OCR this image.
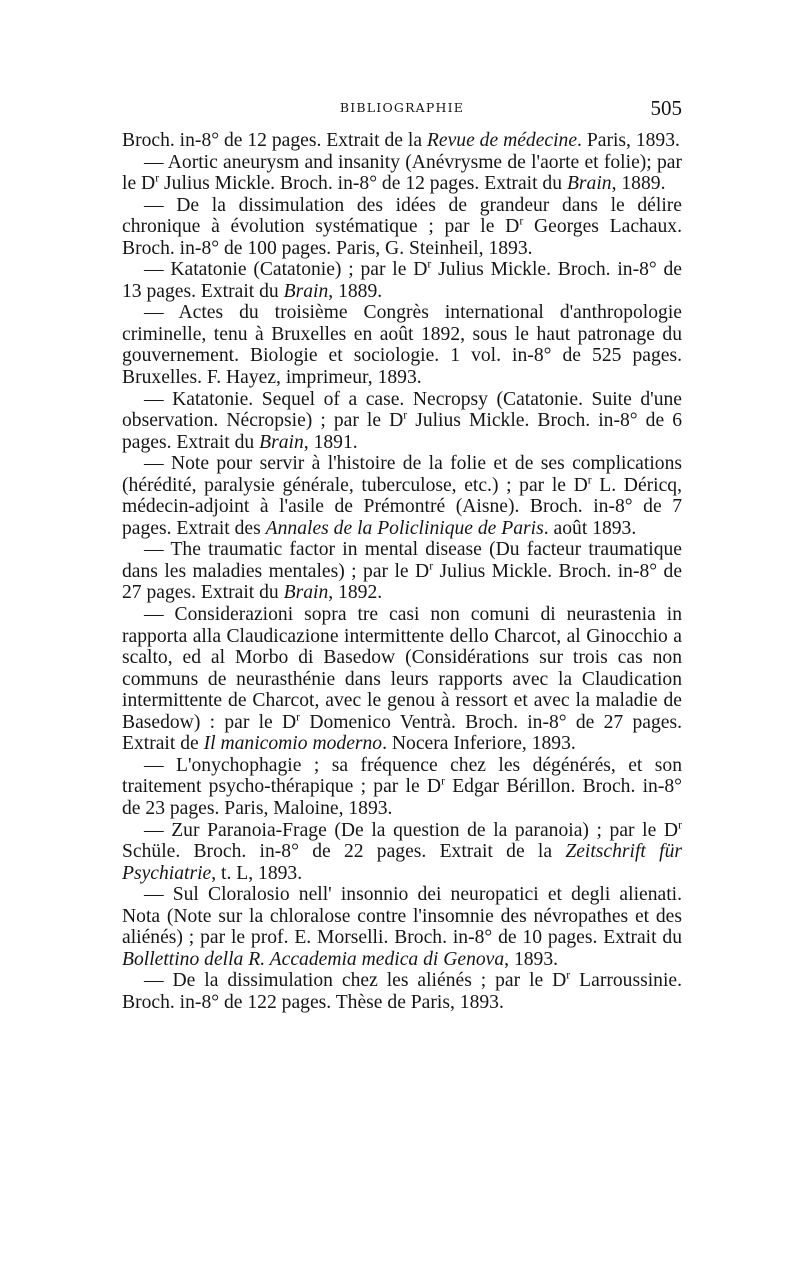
BIBLIOGRAPHIE	505

Broch. in-8° de 12 pages. Extrait de la Revue de médecine. Paris, 1893.

— Aortic aneurysm and insanity (Anévrysme de l'aorte et folie); par le $D^r$ Julius Mickle. Broch. in-8° de 12 pages. Extrait du Brain, 1889.

— De la dissimulation des idées de grandeur dans le délire chronique à évolution systématique ; par le $D^r$ Georges Lachaux. Broch. in-8° de 100 pages. Paris, G. Steinheil, 1893.

— Katatonie (Catatonie) ; par le $D^r$ Julius Mickle. Broch. in-8° de 13 pages. Extrait du Brain, 1889.

— Actes du troisième Congrès international d'anthropologie criminelle, tenu à Bruxelles en août 1892, sous le haut patronage du gouvernement. Biologie et sociologie. 1 vol. in-8° de 525 pages. Bruxelles. F. Hayez, imprimeur, 1893.

— Katatonie. Sequel of a case. Necropsy (Catatonie. Suite d'une observation. Nécropsie) ; par le $D^r$ Julius Mickle. Broch. in-8° de 6 pages. Extrait du Brain, 1891.

— Note pour servir à l'histoire de la folie et de ses complications (hérédité, paralysie générale, tuberculose, etc.) ; par le $D^r$ L. Déricq, médecin-adjoint à l'asile de Prémontré (Aisne). Broch. in-8° de 7 pages. Extrait des Annales de la Policlinique de Paris. août 1893.

— The traumatic factor in mental disease (Du facteur traumatique dans les maladies mentales) ; par le $D^r$ Julius Mickle. Broch. in-8° de 27 pages. Extrait du Brain, 1892.

— Considerazioni sopra tre casi non comuni di neurastenia in rapporta alla Claudicazione intermittente dello Charcot, al Ginocchio a scalto, ed al Morbo di Basedow (Considérations sur trois cas non communs de neurasthénie dans leurs rapports avec la Claudication intermittente de Charcot, avec le genou à ressort et avec la maladie de Basedow) : par le $D^r$ Domenico Ventrà. Broch. in-8° de 27 pages. Extrait de Il manicomio moderno. Nocera Inferiore, 1893.

— L'onychophagie ; sa fréquence chez les dégénérés, et son traitement psycho-thérapique ; par le $D^r$ Edgar Bérillon. Broch. in-8° de 23 pages. Paris, Maloine, 1893.

— Zur Paranoia-Frage (De la question de la paranoia) ; par le $D^r$ Schüle. Broch. in-8° de 22 pages. Extrait de la Zeitschrift für Psychiatrie, t. L, 1893.

— Sul Cloralosio nell' insonnio dei neuropatici et degli alienati. Nota (Note sur la chloralose contre l'insomnie des névropathes et des aliénés) ; par le prof. E. Morselli. Broch. in-8° de 10 pages. Extrait du Bollettino della R. Accademia medica di Genova, 1893.

— De la dissimulation chez les aliénés ; par le $D^r$ Larroussinie. Broch. in-8° de 122 pages. Thèse de Paris, 1893.
